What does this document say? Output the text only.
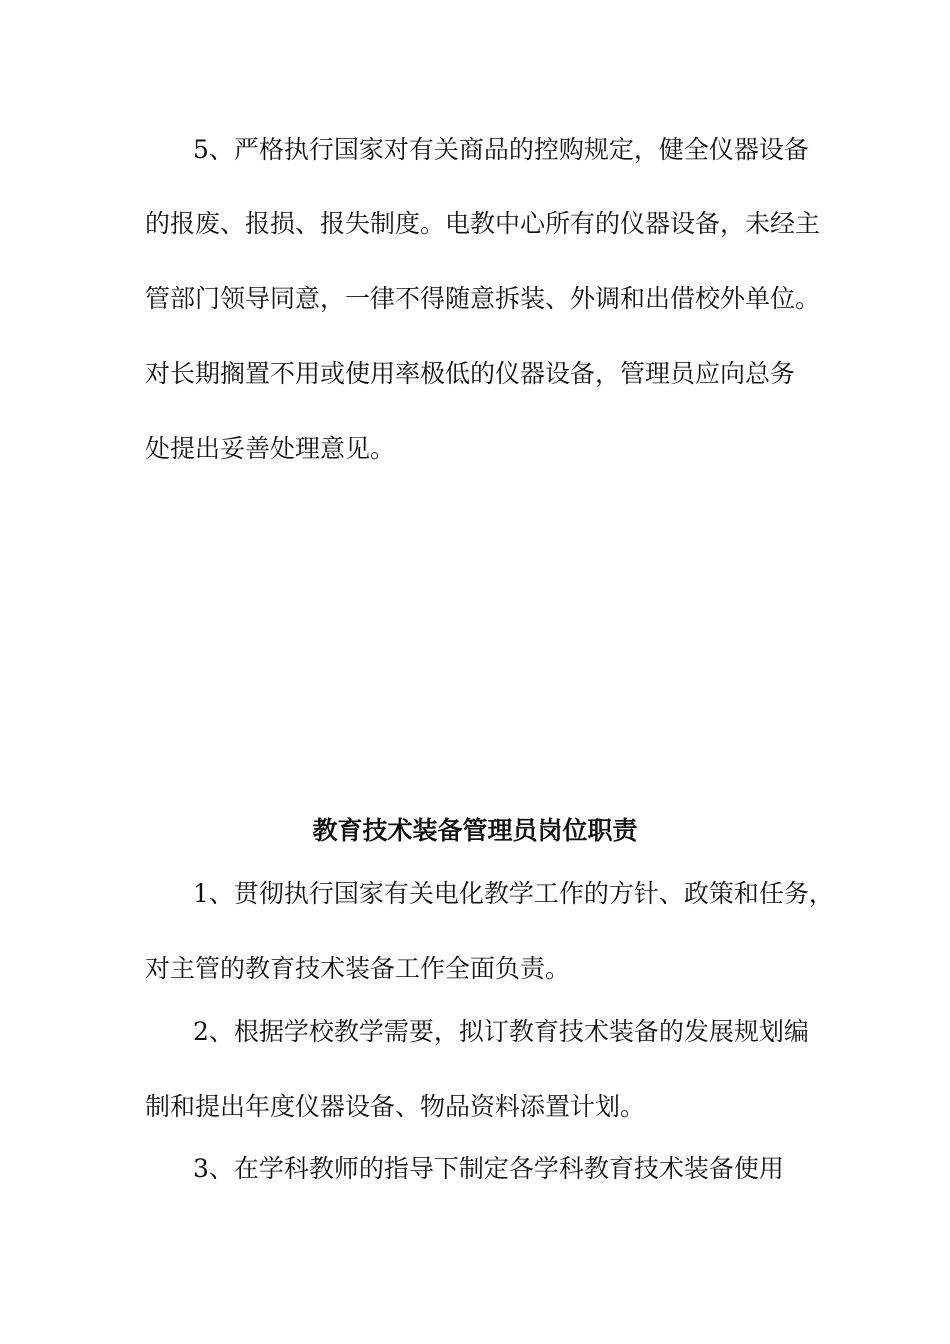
5、严格执行国家对有关商品的控购规定，健全仪器设备
的报废、报损、报失制度。电教中心所有的仪器设备，未经主
管部门领导同意，一律不得随意拆装、外调和出借校外单位。
对长期搁置不用或使用率极低的仪器设备，管理员应向总务
处提出妥善处理意见。
教育技术装备管理员岗位职责
1、贯彻执行国家有关电化教学工作的方针、政策和任务，
对主管的教育技术装备工作全面负责。
2、根据学校教学需要，拟订教育技术装备的发展规划编
制和提出年度仪器设备、物品资料添置计划。
3、在学科教师的指导下制定各学科教育技术装备使用
